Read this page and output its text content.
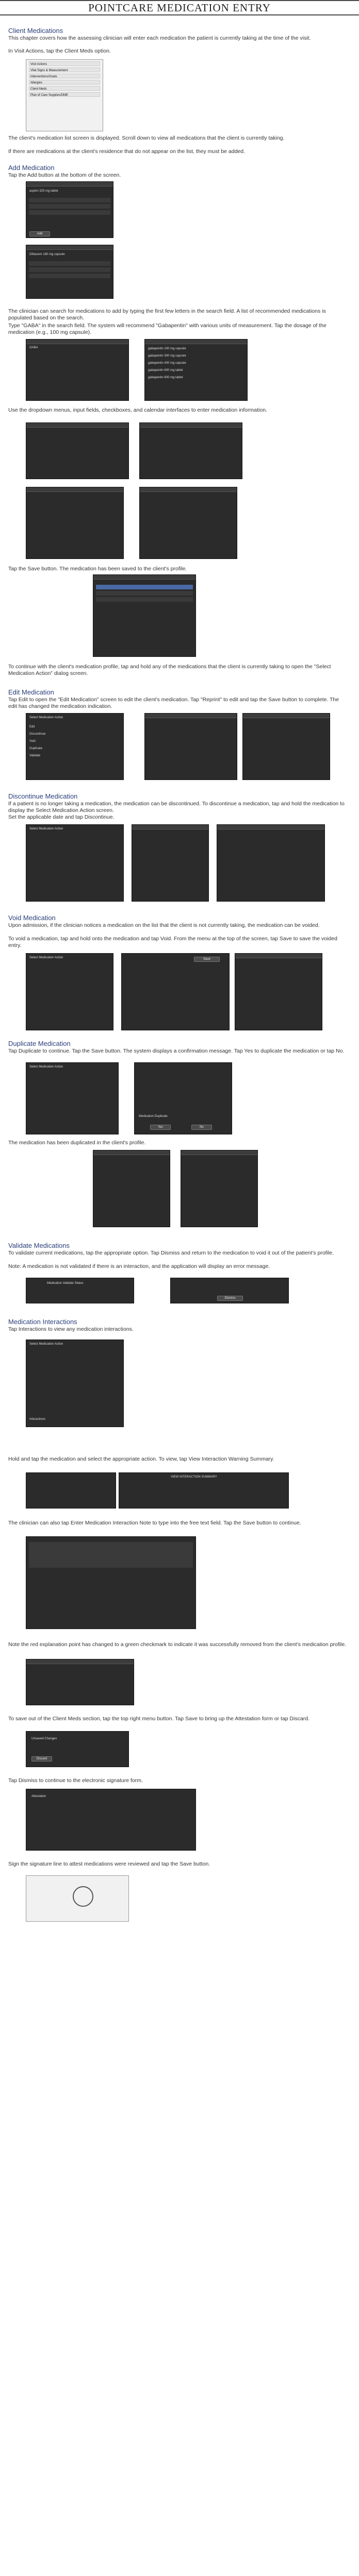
POINTCARE MEDICATION ENTRY
Client Medications
This chapter covers how the assessing clinician will enter each medication the patient is currently taking at the time of the visit.
In Visit Actions, tap the Client Meds option.
Visit Actions
Vital Signs & Measurement
Interventions/Goals
Allergies
Client Meds
Plan of Care Supplies/DME
The client's medication list screen is displayed. Scroll down to view all medications that the client is currently taking.
If there are medications at the client's residence that do not appear on the list, they must be added.
Add Medication
Tap the Add button at the bottom of the screen.
aspirin 325 mg tablet
Add
Diltiazem 180 mg capsule
The clinician can search for medications to add by typing the first few letters in the search field. A list of recommended medications is populated based on the search.
Type "GABA" in the search field. The system will recommend "Gabapentin" with various units of measurement. Tap the dosage of the medication (e.g., 100 mg capsule).
GABA	gabapentin 100 mg capsule
gabapentin 300 mg capsule
gabapentin 400 mg capsule
gabapentin 600 mg tablet
gabapentin 800 mg tablet
Use the dropdown menus, input fields, checkboxes, and calendar interfaces to enter medication information.
Tap the Save button. The medication has been saved to the client's profile.
To continue with the client's medication profile, tap and hold any of the medications that the client is currently taking to open the "Select Medication Action" dialog screen.
Edit Medication
Tap Edit to open the "Edit Medication" screen to edit the client's medication. Tap "Reprint" to edit and tap the Save button to complete. The edit has changed the medication indication.
Select Medication Action
Edit
Discontinue
Void
Duplicate
Validate
Discontinue Medication
If a patient is no longer taking a medication, the medication can be discontinued. To discontinue a medication, tap and hold the medication to display the Select Medication Action screen.
Set the applicable date and tap Discontinue.
Select Medication Action
Void Medication
Upon admission, if the clinician notices a medication on the list that the client is not currently taking, the medication can be voided.
To void a medication, tap and hold onto the medication and tap Void. From the menu at the top of the screen, tap Save to save the voided entry.
Select Medication Action	Save
Duplicate Medication
Tap Duplicate to continue. Tap the Save button. The system displays a confirmation message. Tap Yes to duplicate the medication or tap No.
Select Medication Action
Medication Duplicate
Yes	No
The medication has been duplicated in the client's profile.
Validate Medications
To validate current medications, tap the appropriate option. Tap Dismiss and return to the medication to void it out of the patient's profile.
Note: A medication is not validated if there is an interaction, and the application will display an error message.
Medication Validate Status
Dismiss
Medication Interactions
Tap Interactions to view any medication interactions.
Select Medication Action
Interactions
Hold and tap the medication and select the appropriate action. To view, tap View Interaction Warning Summary.
VIEW INTERACTION SUMMARY
The clinician can also tap Enter Medication Interaction Note to type into the free text field. Tap the Save button to continue.
Note the red explanation point has changed to a green checkmark to indicate it was successfully removed from the client's medication profile.
To save out of the Client Meds section, tap the top right menu button. Tap Save to bring up the Attestation form or tap Discard.
Unsaved Changes
Discard
Tap Dismiss to continue to the electronic signature form.
Attestation
Sign the signature line to attest medications were reviewed and tap the Save button.
